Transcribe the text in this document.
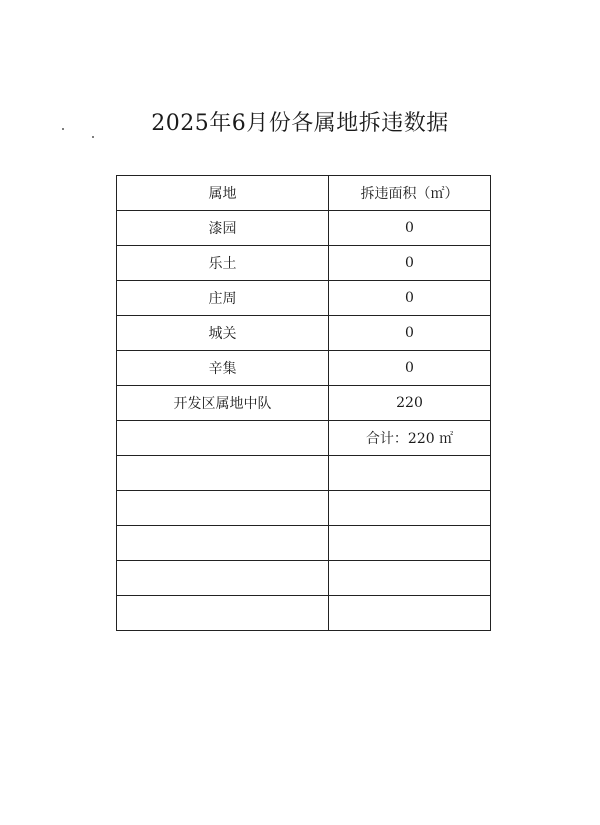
2025年6月份各属地拆违数据
属地	拆违面积（㎡）
漆园	0
乐土	0
庄周	0
城关	0
辛集	0
开发区属地中队	220
	合计：220 ㎡
